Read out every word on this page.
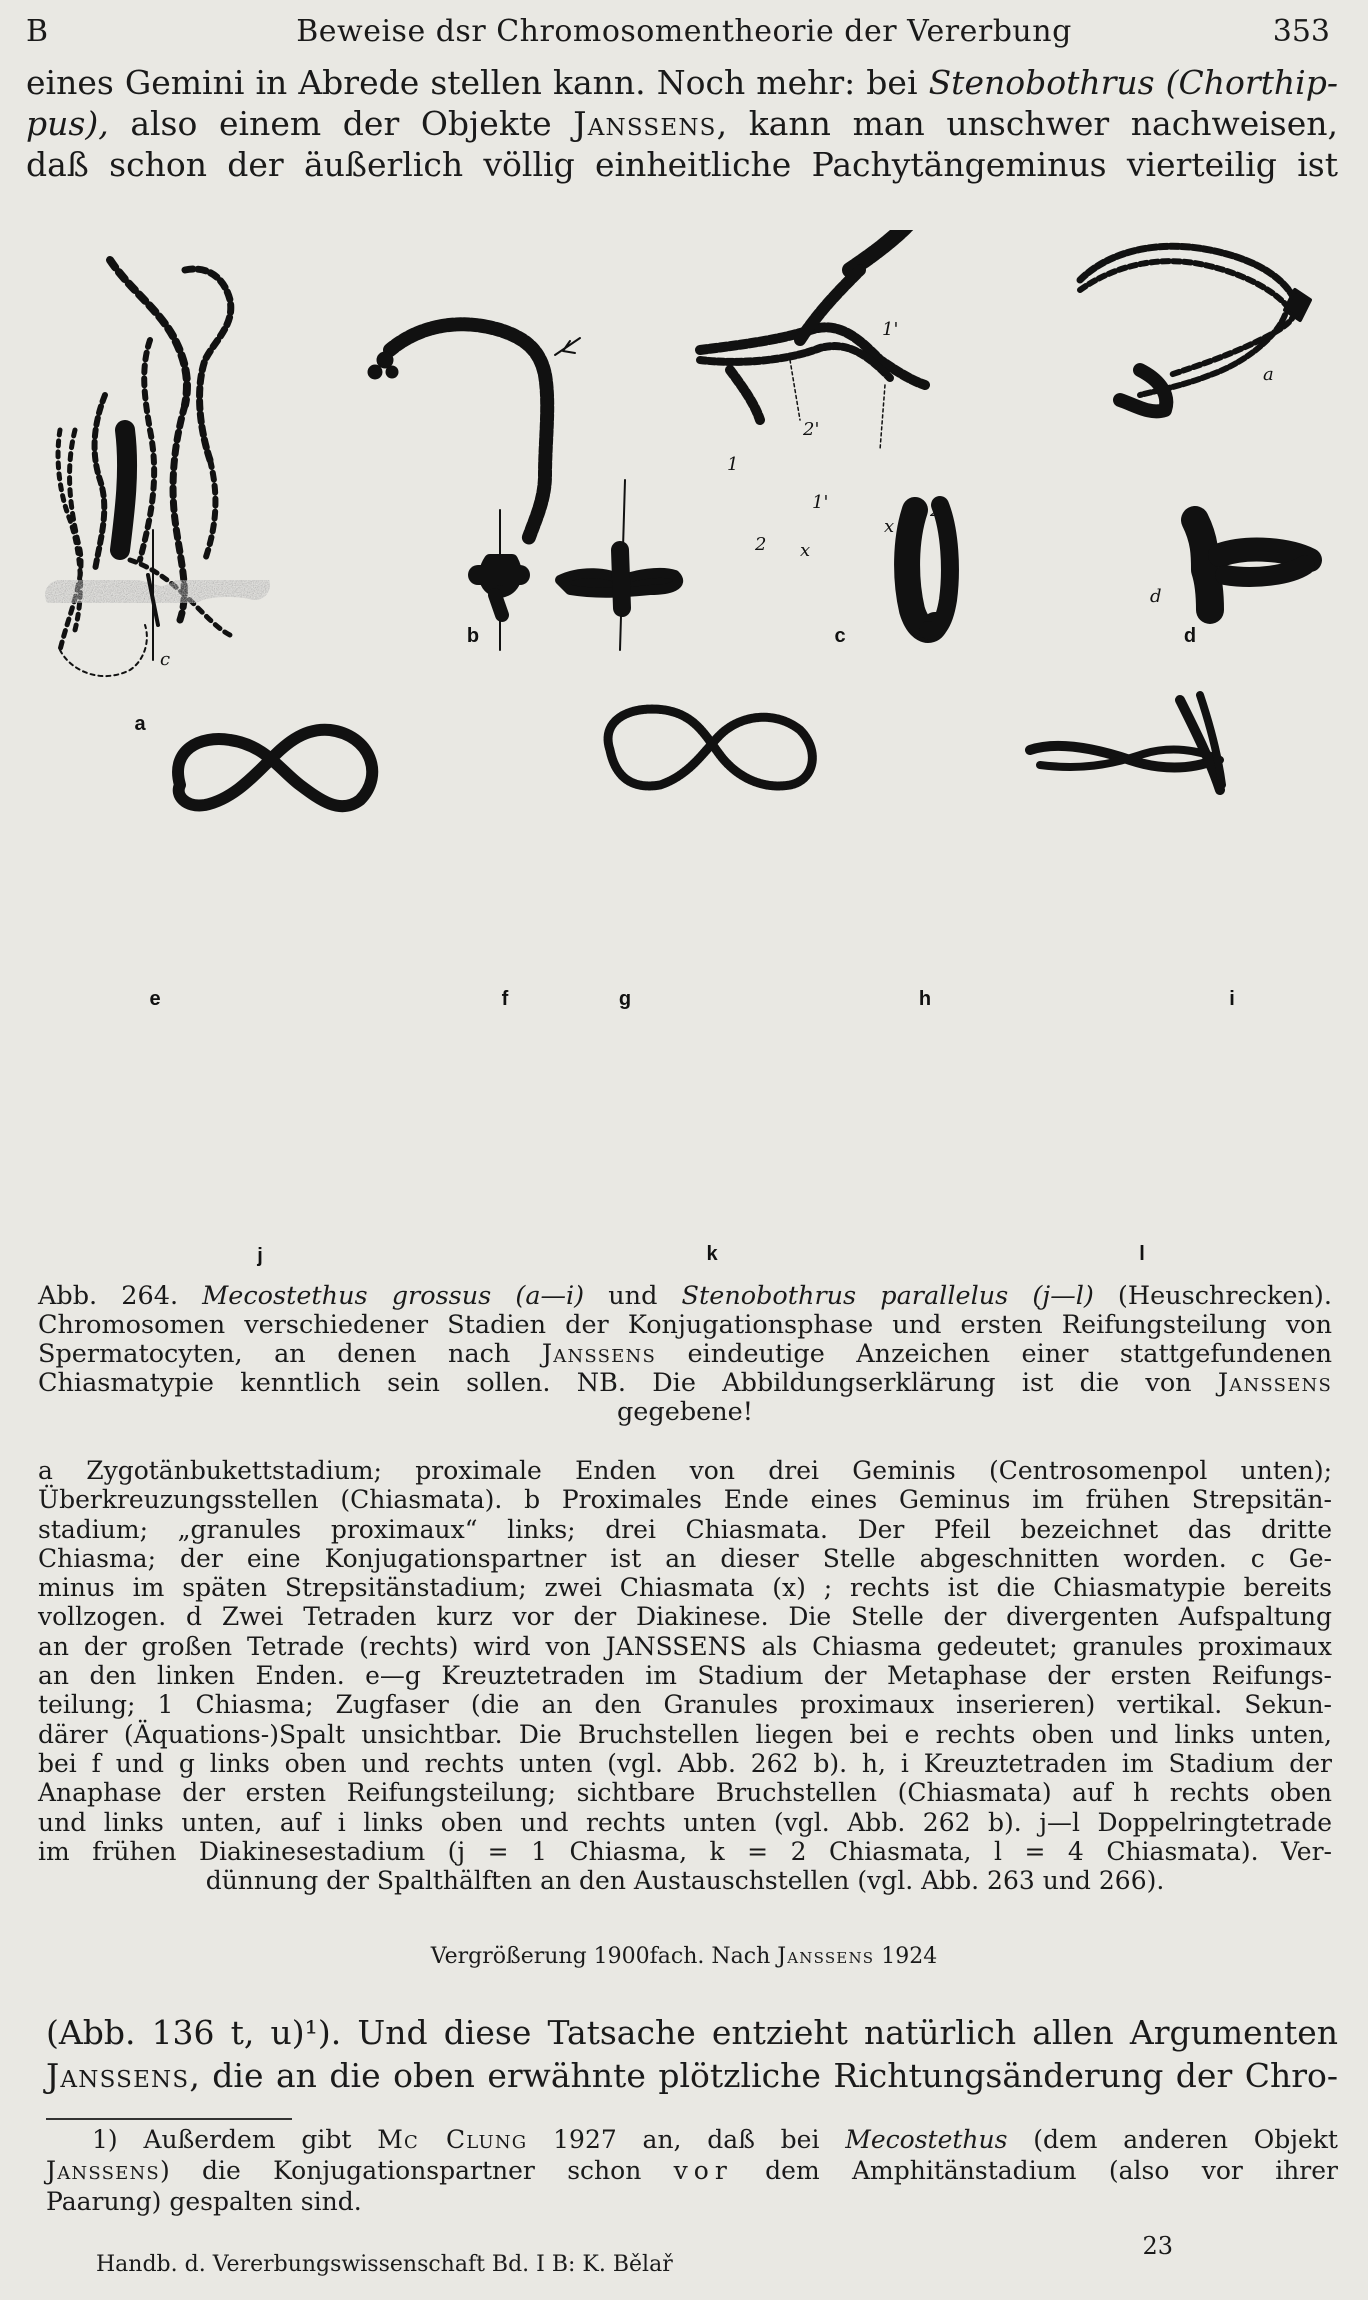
B	Beweise dsr Chromosomentheorie der Vererbung	353
eines Gemini in Abrede stellen kann. Noch mehr: bei Stenobothrus (Chorthip-
pus), also einem der Objekte Janssens, kann man unschwer nachweisen,
daß schon der äußerlich völlig einheitliche Pachytängeminus vierteilig ist
a
b	c	d
e	f	g	h	i
j	k	l
c
1'
2'
1
1'	2"
2 x
x
a
d
Abb. 264. Mecostethus grossus (a—i) und Stenobothrus parallelus (j—l) (Heuschrecken).
Chromosomen verschiedener Stadien der Konjugationsphase und ersten Reifungsteilung von
Spermatocyten, an denen nach Janssens eindeutige Anzeichen einer stattgefundenen
Chiasmatypie kenntlich sein sollen. NB. Die Abbildungserklärung ist die von Janssens
gegebene!
a Zygotänbukettstadium; proximale Enden von drei Geminis (Centrosomenpol unten);
Überkreuzungsstellen (Chiasmata). b Proximales Ende eines Geminus im frühen Strepsitän-
stadium; „granules proximaux“ links; drei Chiasmata. Der Pfeil bezeichnet das dritte
Chiasma; der eine Konjugationspartner ist an dieser Stelle abgeschnitten worden. c Ge-
minus im späten Strepsitänstadium; zwei Chiasmata (x) ; rechts ist die Chiasmatypie bereits
vollzogen. d Zwei Tetraden kurz vor der Diakinese. Die Stelle der divergenten Aufspaltung
an der großen Tetrade (rechts) wird von JANSSENS als Chiasma gedeutet; granules proximaux
an den linken Enden. e—g Kreuztetraden im Stadium der Metaphase der ersten Reifungs-
teilung; 1 Chiasma; Zugfaser (die an den Granules proximaux inserieren) vertikal. Sekun-
därer (Äquations-)Spalt unsichtbar. Die Bruchstellen liegen bei e rechts oben und links unten,
bei f und g links oben und rechts unten (vgl. Abb. 262 b). h, i Kreuztetraden im Stadium der
Anaphase der ersten Reifungsteilung; sichtbare Bruchstellen (Chiasmata) auf h rechts oben
und links unten, auf i links oben und rechts unten (vgl. Abb. 262 b). j—l Doppelringtetrade
im frühen Diakinesestadium (j = 1 Chiasma, k = 2 Chiasmata, l = 4 Chiasmata). Ver-
dünnung der Spalthälften an den Austauschstellen (vgl. Abb. 263 und 266).
Vergrößerung 1900fach. Nach Janssens 1924
(Abb. 136 t, u)¹). Und diese Tatsache entzieht natürlich allen Argumenten
Janssens, die an die oben erwähnte plötzliche Richtungsänderung der Chro-
1) Außerdem gibt Mc Clung 1927 an, daß bei Mecostethus (dem anderen Objekt
Janssens) die Konjugationspartner schon vor dem Amphitänstadium (also vor ihrer
Paarung) gespalten sind.
Handb. d. Vererbungswissenschaft Bd. I B: K. Bělař
23
